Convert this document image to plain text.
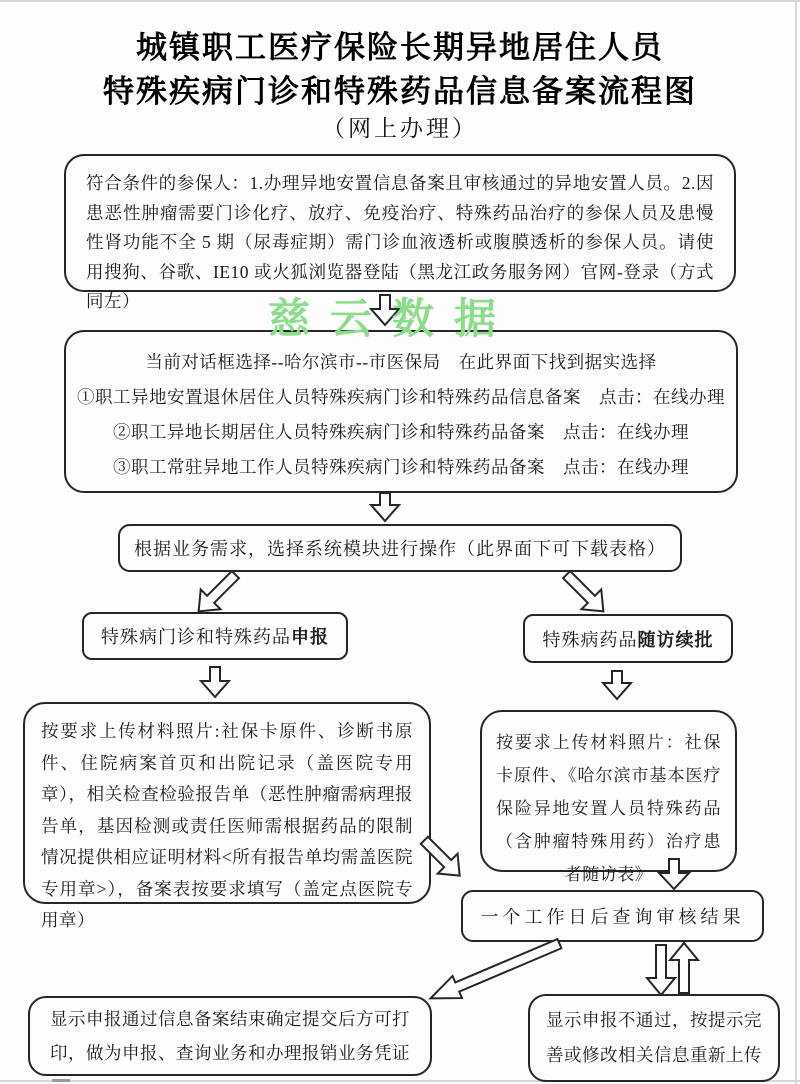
城镇职工医疗保险长期异地居住人员
特殊疾病门诊和特殊药品信息备案流程图
（网上办理）
慈云数据
符合条件的参保人：1.办理异地安置信息备案且审核通过的异地安置人员。2.因患恶性肿瘤需要门诊化疗、放疗、免疫治疗、特殊药品治疗的参保人员及患慢性肾功能不全 5 期（尿毒症期）需门诊血液透析或腹膜透析的参保人员。请使用搜狗、谷歌、IE10 或火狐浏览器登陆（黑龙江政务服务网）官网-登录（方式同左）
当前对话框选择--哈尔滨市--市医保局　在此界面下找到据实选择
①职工异地安置退休居住人员特殊疾病门诊和特殊药品信息备案　点击：在线办理
②职工异地长期居住人员特殊疾病门诊和特殊药品备案　点击：在线办理
③职工常驻异地工作人员特殊疾病门诊和特殊药品备案　点击：在线办理
根据业务需求，选择系统模块进行操作（此界面下可下载表格）
特殊病门诊和特殊药品申报	特殊病药品随访续批
按要求上传材料照片:社保卡原件、诊断书原件、住院病案首页和出院记录（盖医院专用章），相关检查检验报告单（恶性肿瘤需病理报告单，基因检测或责任医师需根据药品的限制情况提供相应证明材料<所有报告单均需盖医院专用章>），备案表按要求填写（盖定点医院专用章）
按要求上传材料照片：社保卡原件、《哈尔滨市基本医疗保险异地安置人员特殊药品（含肿瘤特殊用药）治疗患者随访表》
一个工作日后查询审核结果
显示申报通过信息备案结束确定提交后方可打印，做为申报、查询业务和办理报销业务凭证
显示申报不通过，按提示完善或修改相关信息重新上传
